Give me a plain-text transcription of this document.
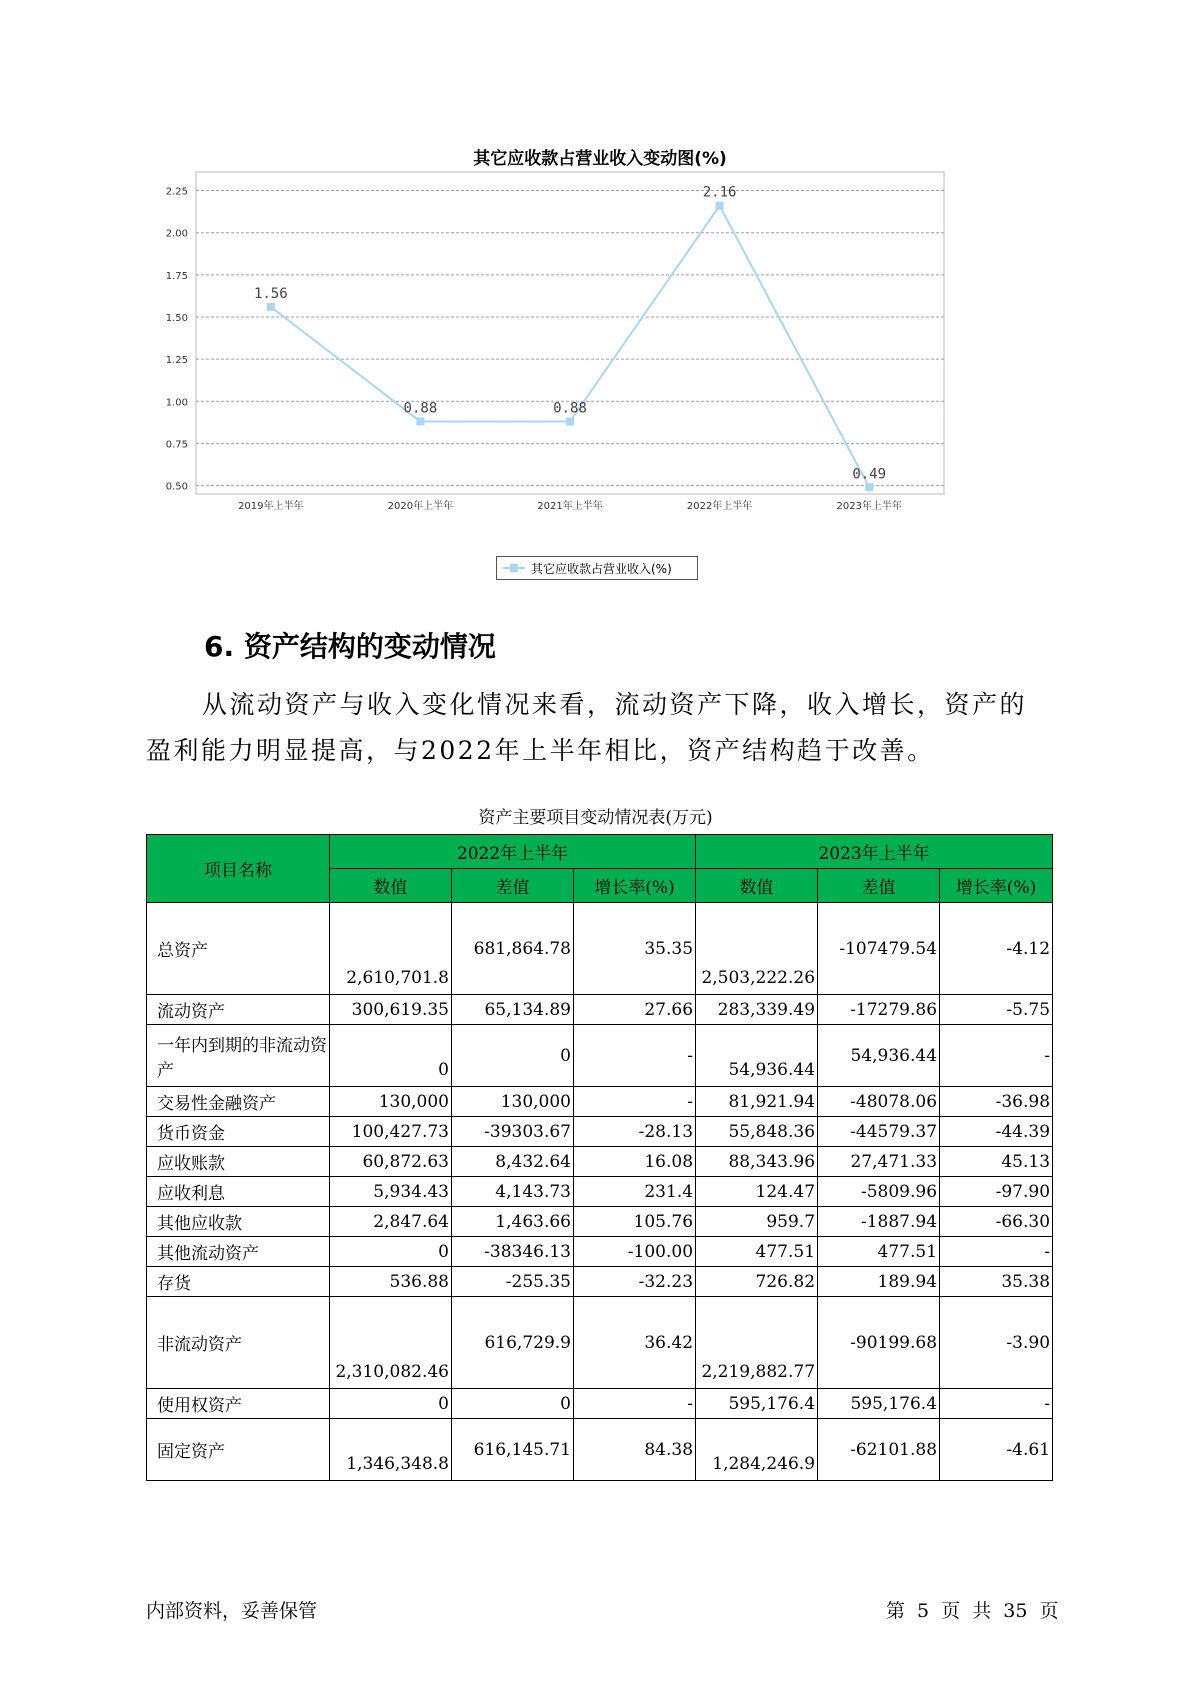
其它应收款占营业收入变动图(%)
0.50
0.75
1.00
1.25
1.50
1.75
2.00
2.25
2019年上半年	2020年上半年	2021年上半年	2022年上半年	2023年上半年
1.56
0.88	0.88
2.16
0.49
其它应收款占营业收入(%)
6. 资产结构的变动情况

从流动资产与收入变化情况来看，流动资产下降，收入增长，资产的盈利能力明显提高，与2022年上半年相比，资产结构趋于改善。

资产主要项目变动情况表(万元)
项目名称	2022年上半年			2023年上半年		
	数值	差值	增长率(%)	数值	差值	增长率(%)
总资产	2,610,701.8	681,864.78	35.35	2,503,222.26	-107479.54	-4.12
流动资产	300,619.35	65,134.89	27.66	283,339.49	-17279.86	-5.75
一年内到期的非流动资产	0	0	-	54,936.44	54,936.44	-
交易性金融资产	130,000	130,000	-	81,921.94	-48078.06	-36.98
货币资金	100,427.73	-39303.67	-28.13	55,848.36	-44579.37	-44.39
应收账款	60,872.63	8,432.64	16.08	88,343.96	27,471.33	45.13
应收利息	5,934.43	4,143.73	231.4	124.47	-5809.96	-97.90
其他应收款	2,847.64	1,463.66	105.76	959.7	-1887.94	-66.30
其他流动资产	0	-38346.13	-100.00	477.51	477.51	-
存货	536.88	-255.35	-32.23	726.82	189.94	35.38
非流动资产	2,310,082.46	616,729.9	36.42	2,219,882.77	-90199.68	-3.90
使用权资产	0	0	-	595,176.4	595,176.4	-
固定资产	1,346,348.8	616,145.71	84.38	1,284,246.9	-62101.88	-4.61
内部资料，妥善保管	第 5 页 共 35 页
